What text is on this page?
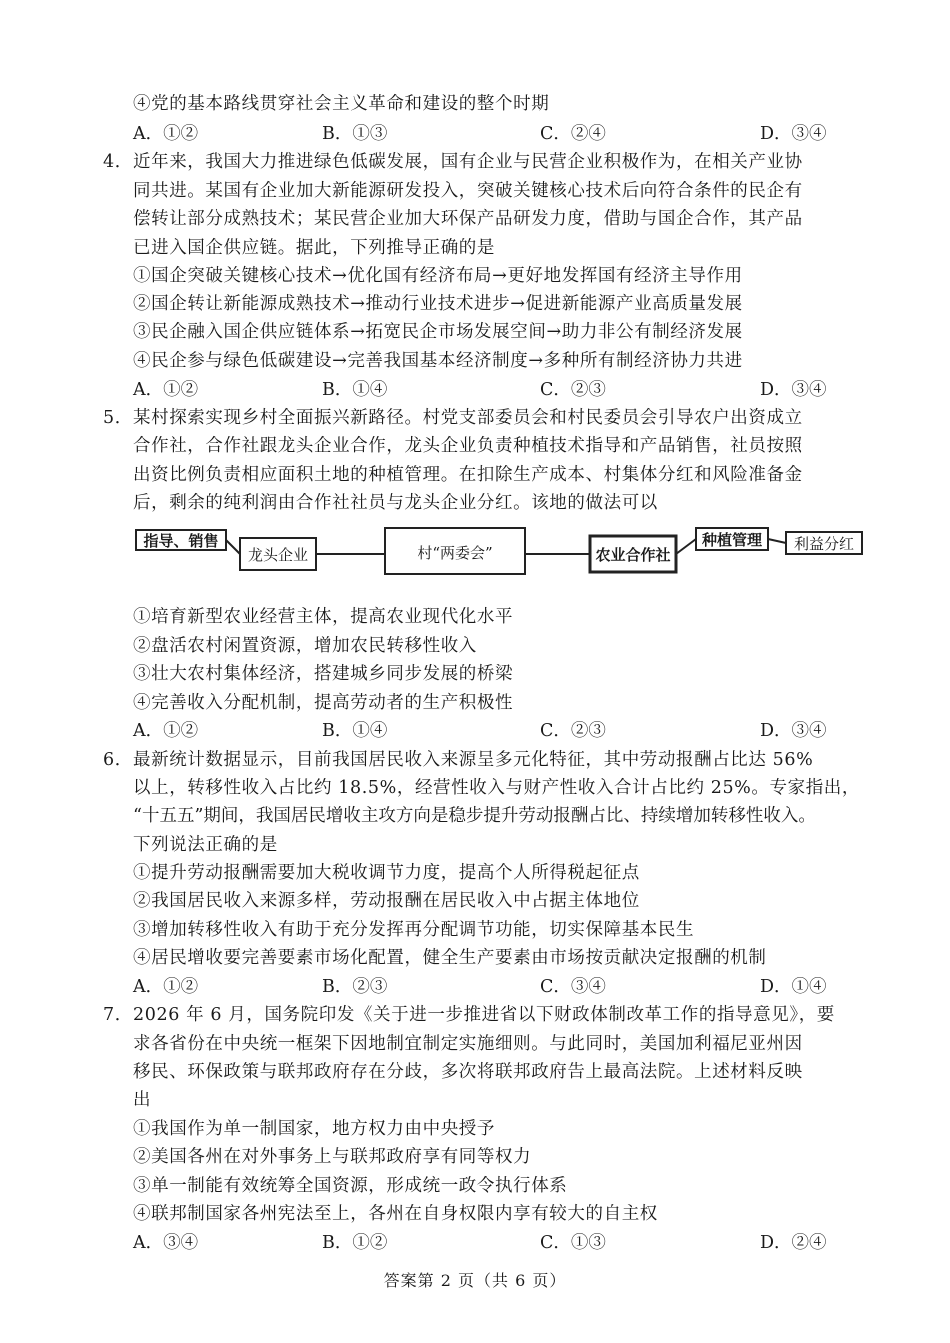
④党的基本路线贯穿社会主义革命和建设的整个时期
A．①②	B．①③	C．②④	D．③④
4． 近年来，我国大力推进绿色低碳发展，国有企业与民营企业积极作为，在相关产业协
同共进。某国有企业加大新能源研发投入，突破关键核心技术后向符合条件的民企有
偿转让部分成熟技术；某民营企业加大环保产品研发力度，借助与国企合作，其产品
已进入国企供应链。据此，下列推导正确的是
①国企突破关键核心技术→优化国有经济布局→更好地发挥国有经济主导作用
②国企转让新能源成熟技术→推动行业技术进步→促进新能源产业高质量发展
③民企融入国企供应链体系→拓宽民企市场发展空间→助力非公有制经济发展
④民企参与绿色低碳建设→完善我国基本经济制度→多种所有制经济协力共进
A．①②	B．①④	C．②③	D．③④
5． 某村探索实现乡村全面振兴新路径。村党支部委员会和村民委员会引导农户出资成立
合作社，合作社跟龙头企业合作，龙头企业负责种植技术指导和产品销售，社员按照
出资比例负责相应面积土地的种植管理。在扣除生产成本、村集体分红和风险准备金
后，剩余的纯利润由合作社社员与龙头企业分红。该地的做法可以
指导、销售
龙头企业	村“两委会”	农业合作社
种植管理 利益分红
①培育新型农业经营主体，提高农业现代化水平
②盘活农村闲置资源，增加农民转移性收入
③壮大农村集体经济，搭建城乡同步发展的桥梁
④完善收入分配机制，提高劳动者的生产积极性
A．①②	B．①④	C．②③	D．③④
6． 最新统计数据显示，目前我国居民收入来源呈多元化特征，其中劳动报酬占比达 56%
以上，转移性收入占比约 18.5%，经营性收入与财产性收入合计占比约 25%。专家指出，
“十五五”期间，我国居民增收主攻方向是稳步提升劳动报酬占比、持续增加转移性收入。
下列说法正确的是
①提升劳动报酬需要加大税收调节力度，提高个人所得税起征点
②我国居民收入来源多样，劳动报酬在居民收入中占据主体地位
③增加转移性收入有助于充分发挥再分配调节功能，切实保障基本民生
④居民增收要完善要素市场化配置，健全生产要素由市场按贡献决定报酬的机制
A．①②	B．②③	C．③④	D．①④
7． 2026 年 6 月，国务院印发《关于进一步推进省以下财政体制改革工作的指导意见》，要
求各省份在中央统一框架下因地制宜制定实施细则。与此同时，美国加利福尼亚州因
移民、环保政策与联邦政府存在分歧，多次将联邦政府告上最高法院。上述材料反映
出
①我国作为单一制国家，地方权力由中央授予
②美国各州在对外事务上与联邦政府享有同等权力
③单一制能有效统筹全国资源，形成统一政令执行体系
④联邦制国家各州宪法至上，各州在自身权限内享有较大的自主权
A．③④	B．①②	C．①③	D．②④
答案第 2 页（共 6 页）
